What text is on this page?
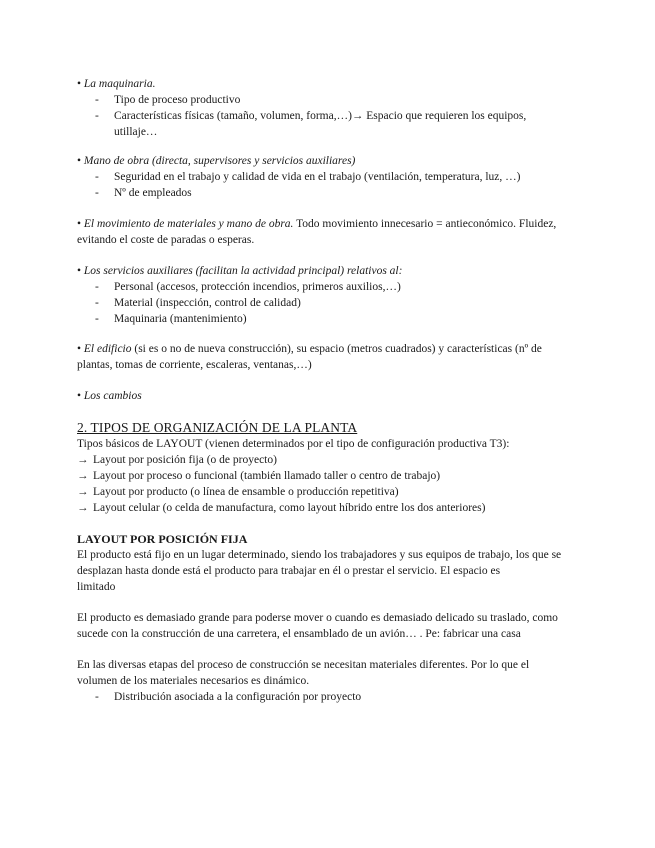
• La maquinaria.

- Tipo de proceso productivo
- Características físicas (tamaño, volumen, forma,…)→ Espacio que requieren los equipos,
utillaje…

• Mano de obra (directa, supervisores y servicios auxiliares)

- Seguridad en el trabajo y calidad de vida en el trabajo (ventilación, temperatura, luz, …)
- Nº de empleados

• El movimiento de materiales y mano de obra. Todo movimiento innecesario = antieconómico. Fluidez,

evitando el coste de paradas o esperas.

• Los servicios auxiliares (facilitan la actividad principal) relativos al:

- Personal (accesos, protección incendios, primeros auxilios,…)
- Material (inspección, control de calidad)
- Maquinaria (mantenimiento)

• El edificio (si es o no de nueva construcción), su espacio (metros cuadrados) y características (nº de

plantas, tomas de corriente, escaleras, ventanas,…)

• Los cambios

2. TIPOS DE ORGANIZACIÓN DE LA PLANTA

Tipos básicos de LAYOUT (vienen determinados por el tipo de configuración productiva T3):

→ Layout por posición fija (o de proyecto)
→ Layout por proceso o funcional (también llamado taller o centro de trabajo)
→ Layout por producto (o línea de ensamble o producción repetitiva)
→ Layout celular (o celda de manufactura, como layout híbrido entre los dos anteriores)

LAYOUT POR POSICIÓN FIJA

El producto está fijo en un lugar determinado, siendo los trabajadores y sus equipos de trabajo, los que se

desplazan hasta donde está el producto para trabajar en él o prestar el servicio. El espacio es

limitado

El producto es demasiado grande para poderse mover o cuando es demasiado delicado su traslado, como

sucede con la construcción de una carretera, el ensamblado de un avión… . Pe: fabricar una casa

En las diversas etapas del proceso de construcción se necesitan materiales diferentes. Por lo que el

volumen de los materiales necesarios es dinámico.

- Distribución asociada a la configuración por proyecto
